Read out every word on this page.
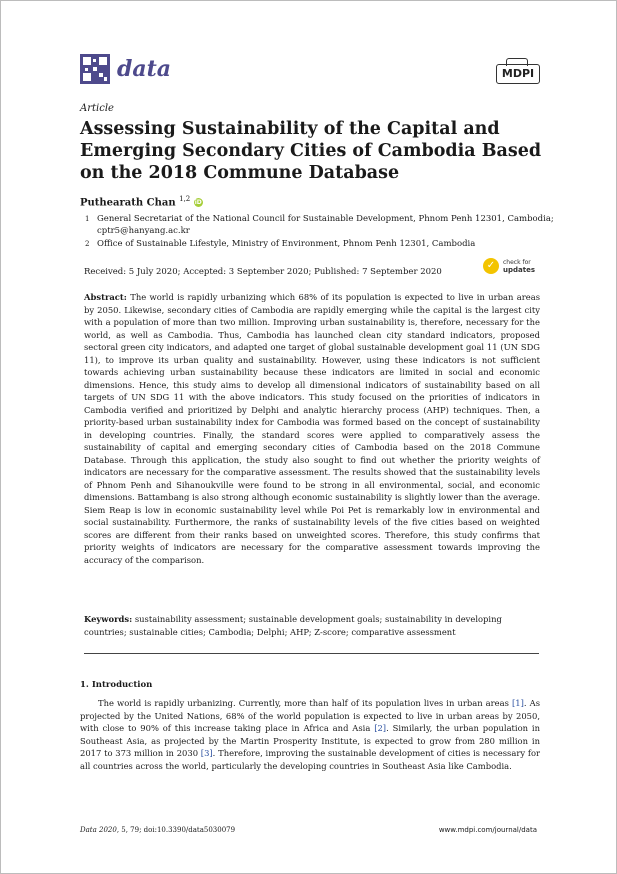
data	MDPI
Article
Assessing Sustainability of the Capital and Emerging Secondary Cities of Cambodia Based on the 2018 Commune Database
Puthearath Chan $^{1,2}$ iD
1 General Secretariat of the National Council for Sustainable Development, Phnom Penh 12301, Cambodia; cptr5@hanyang.ac.kr
2 Office of Sustainable Lifestyle, Ministry of Environment, Phnom Penh 12301, Cambodia
Received: 5 July 2020; Accepted: 3 September 2020; Published: 7 September 2020
✓	check for
updates

Abstract: The world is rapidly urbanizing which 68% of its population is expected to live in urban areas by 2050. Likewise, secondary cities of Cambodia are rapidly emerging while the capital is the largest city with a population of more than two million. Improving urban sustainability is, therefore, necessary for the world, as well as Cambodia. Thus, Cambodia has launched clean city standard indicators, proposed sectoral green city indicators, and adapted one target of global sustainable development goal 11 (UN SDG 11), to improve its urban quality and sustainability. However, using these indicators is not sufficient towards achieving urban sustainability because these indicators are limited in social and economic dimensions. Hence, this study aims to develop all dimensional indicators of sustainability based on all targets of UN SDG 11 with the above indicators. This study focused on the priorities of indicators in Cambodia verified and prioritized by Delphi and analytic hierarchy process (AHP) techniques. Then, a priority-based urban sustainability index for Cambodia was formed based on the concept of sustainability in developing countries. Finally, the standard scores were applied to comparatively assess the sustainability of capital and emerging secondary cities of Cambodia based on the 2018 Commune Database. Through this application, the study also sought to find out whether the priority weights of indicators are necessary for the comparative assessment. The results showed that the sustainability levels of Phnom Penh and Sihanoukville were found to be strong in all environmental, social, and economic dimensions. Battambang is also strong although economic sustainability is slightly lower than the average. Siem Reap is low in economic sustainability level while Poi Pet is remarkably low in environmental and social sustainability. Furthermore, the ranks of sustainability levels of the five cities based on weighted scores are different from their ranks based on unweighted scores. Therefore, this study confirms that priority weights of indicators are necessary for the comparative assessment towards improving the accuracy of the comparison.

Keywords: sustainability assessment; sustainable development goals; sustainability in developing countries; sustainable cities; Cambodia; Delphi; AHP; Z-score; comparative assessment

1. Introduction

The world is rapidly urbanizing. Currently, more than half of its population lives in urban areas [1]. As projected by the United Nations, 68% of the world population is expected to live in urban areas by 2050, with close to 90% of this increase taking place in Africa and Asia [2]. Similarly, the urban population in Southeast Asia, as projected by the Martin Prosperity Institute, is expected to grow from 280 million in 2017 to 373 million in 2030 [3]. Therefore, improving the sustainable development of cities is necessary for all countries across the world, particularly the developing countries in Southeast Asia like Cambodia.

Data 2020, 5, 79; doi:10.3390/data5030079	www.mdpi.com/journal/data
